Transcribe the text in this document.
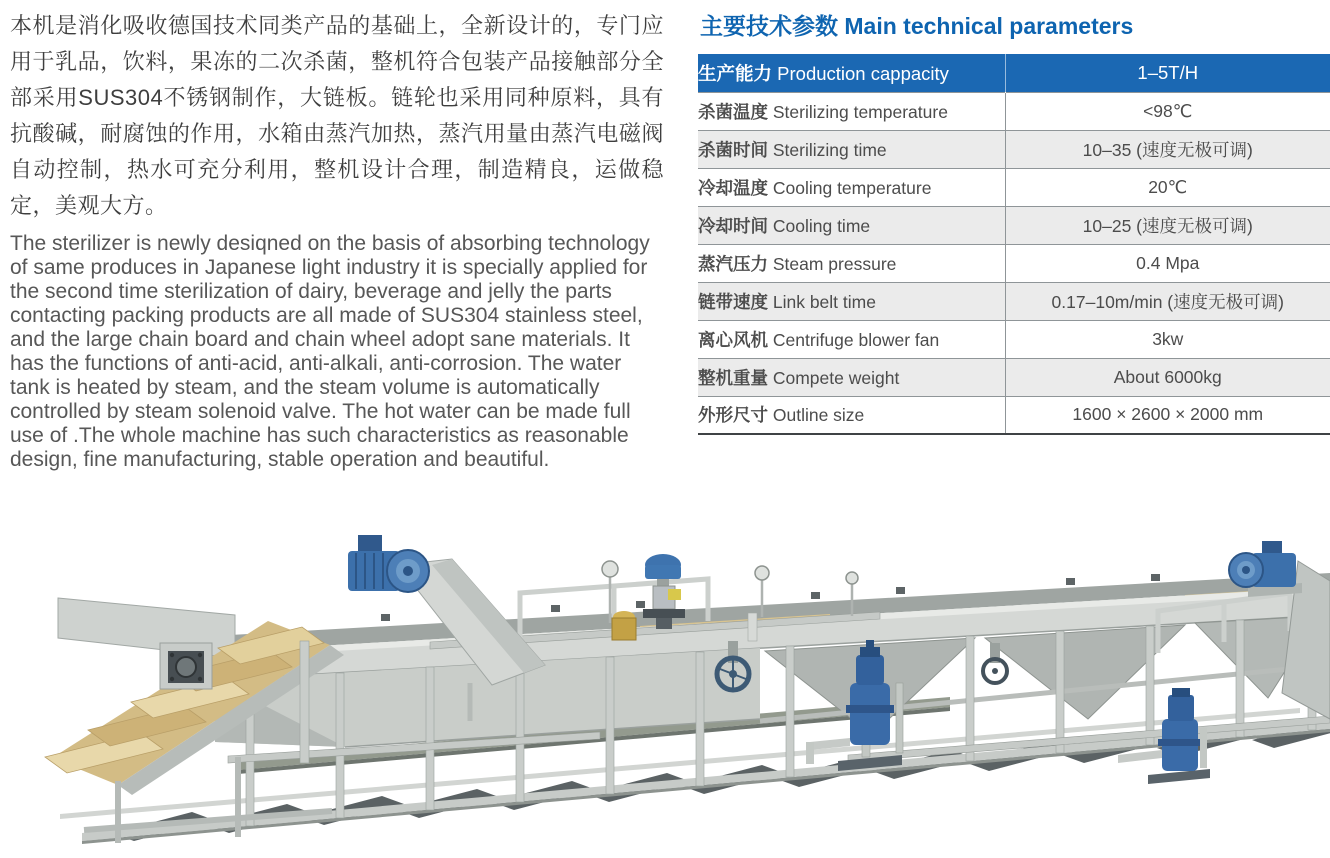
本机是消化吸收德国技术同类产品的基础上，全新设计的，专门应用于乳品，饮料，果冻的二次杀菌，整机符合包装产品接触部分全部采用SUS304不锈钢制作，大链板。链轮也采用同种原料，具有抗酸碱，耐腐蚀的作用，水箱由蒸汽加热，蒸汽用量由蒸汽电磁阀自动控制，热水可充分利用，整机设计合理，制造精良，运做稳定，美观大方。
The sterilizer is newly desiqned on the basis of absorbing technology of same produces in Japanese light industry it is specially applied for the second time sterilization of dairy, beverage and jelly the parts contacting packing products are all made of SUS304 stainless steel, and the large chain board and chain wheel adopt sane materials. It has the functions of anti-acid, anti-alkali, anti-corrosion. The water tank is heated by steam, and the steam volume is automatically controlled by steam solenoid valve. The hot water can be made full use of .The whole machine has such characteristics as reasonable design, fine manufacturing, stable operation and beautiful.
主要技术参数 Main technical parameters
生产能力 Production cappacity	1–5T/H
杀菌温度 Sterilizing temperature	<98℃
杀菌时间 Sterilizing time	10–35 (速度无极可调)
冷却温度 Cooling temperature	20℃
冷却时间 Cooling time	10–25 (速度无极可调)
蒸汽压力 Steam pressure	0.4 Mpa
链带速度 Link belt time	0.17–10m/min (速度无极可调)
离心风机 Centrifuge blower fan	3kw
整机重量 Compete weight	About 6000kg
外形尺寸 Outline size	1600 × 2600 × 2000 mm
